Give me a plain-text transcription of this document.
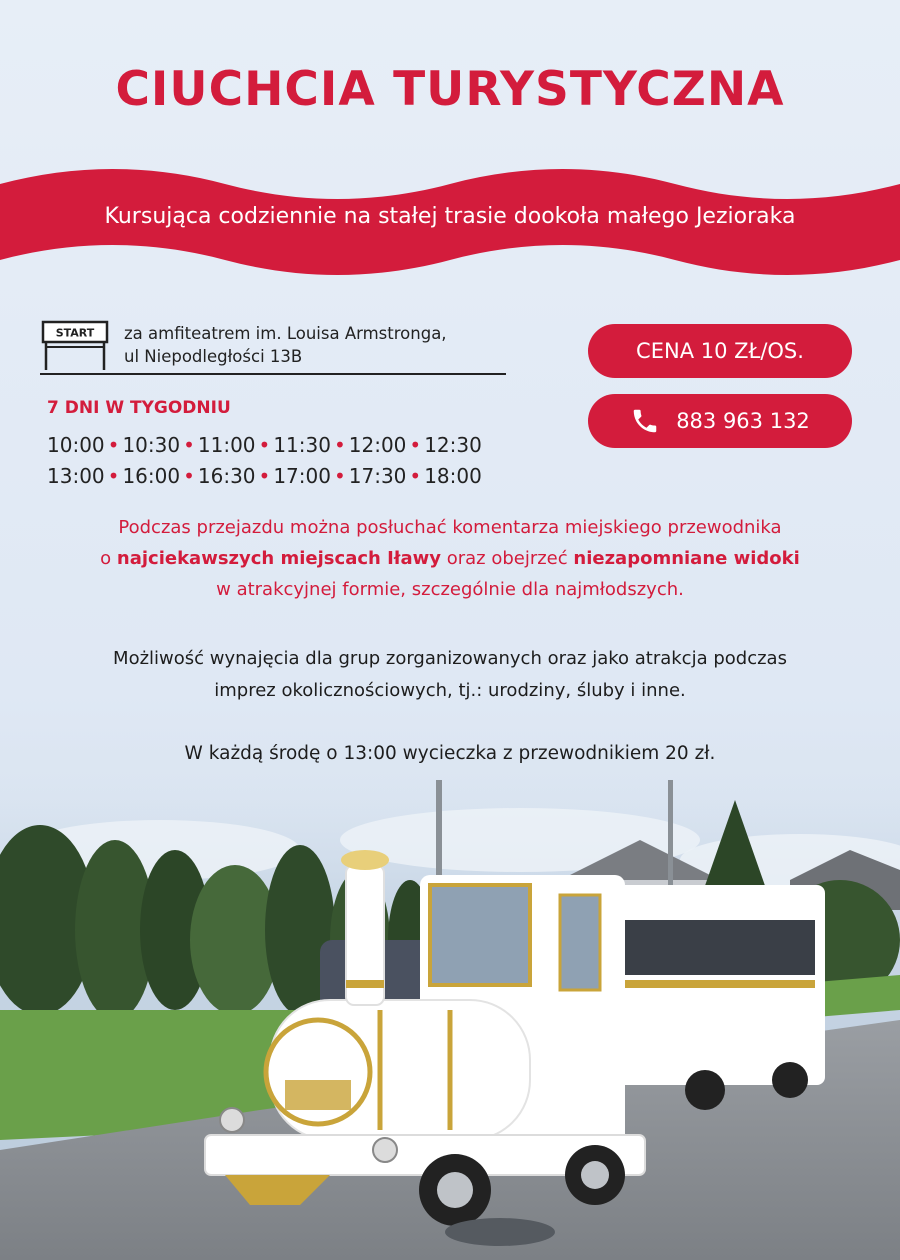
CIUCHCIA TURYSTYCZNA
Kursująca codziennie na stałej trasie dookoła małego Jezioraka
START za amfiteatrem im. Louisa Armstronga,
ul Niepodległości 13B
7 DNI W TYGODNIU
10:00 • 10:30 • 11:00 • 11:30 • 12:00 • 12:30
13:00 • 16:00 • 16:30 • 17:00 • 17:30 • 18:00
CENA 10 ZŁ/OS.
883 963 132
Podczas przejazdu można posłuchać komentarza miejskiego przewodnika
o najciekawszych miejscach Iławy oraz obejrzeć niezapomniane widoki
w atrakcyjnej formie, szczególnie dla najmłodszych.
Możliwość wynajęcia dla grup zorganizowanych oraz jako atrakcja podczas
imprez okolicznościowych, tj.: urodziny, śluby i inne.
W każdą środę o 13:00 wycieczka z przewodnikiem 20 zł.
